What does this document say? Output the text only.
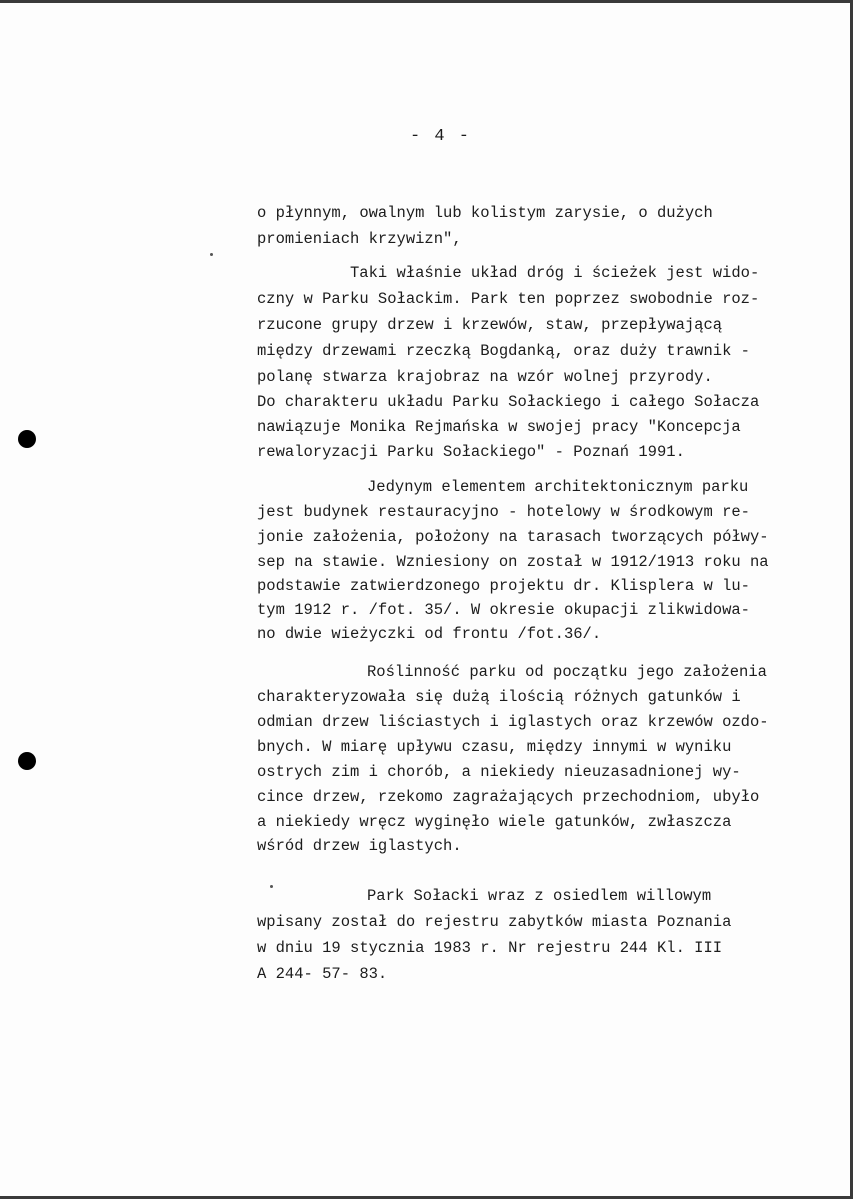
- 4 -
o płynnym, owalnym lub kolistym zarysie, o dużych
promieniach krzywizn",
Taki właśnie układ dróg i ścieżek jest wido-
czny w Parku Sołackim. Park ten poprzez swobodnie roz-
rzucone grupy drzew i krzewów, staw, przepływającą
między drzewami rzeczką Bogdanką, oraz duży trawnik -
polanę stwarza krajobraz na wzór wolnej przyrody.
Do charakteru układu Parku Sołackiego i całego Sołacza
nawiązuje Monika Rejmańska w swojej pracy "Koncepcja
rewaloryzacji Parku Sołackiego" - Poznań 1991.
Jedynym elementem architektonicznym parku
jest budynek restauracyjno - hotelowy w środkowym re-
jonie założenia, położony na tarasach tworzących półwy-
sep na stawie. Wzniesiony on został w 1912/1913 roku na
podstawie zatwierdzonego projektu dr. Klisplera w lu-
tym 1912 r. /fot. 35/. W okresie okupacji zlikwidowa-
no dwie wieżyczki od frontu /fot.36/.
Roślinność parku od początku jego założenia
charakteryzowała się dużą ilością różnych gatunków i
odmian drzew liściastych i iglastych oraz krzewów ozdo-
bnych. W miarę upływu czasu, między innymi w wyniku
ostrych zim i chorób, a niekiedy nieuzasadnionej wy-
cince drzew, rzekomo zagrażających przechodniom, ubyło
a niekiedy wręcz wyginęło wiele gatunków, zwłaszcza
wśród drzew iglastych.
Park Sołacki wraz z osiedlem willowym
wpisany został do rejestru zabytków miasta Poznania
w dniu 19 stycznia 1983 r. Nr rejestru 244 Kl. III
A 244- 57- 83.
